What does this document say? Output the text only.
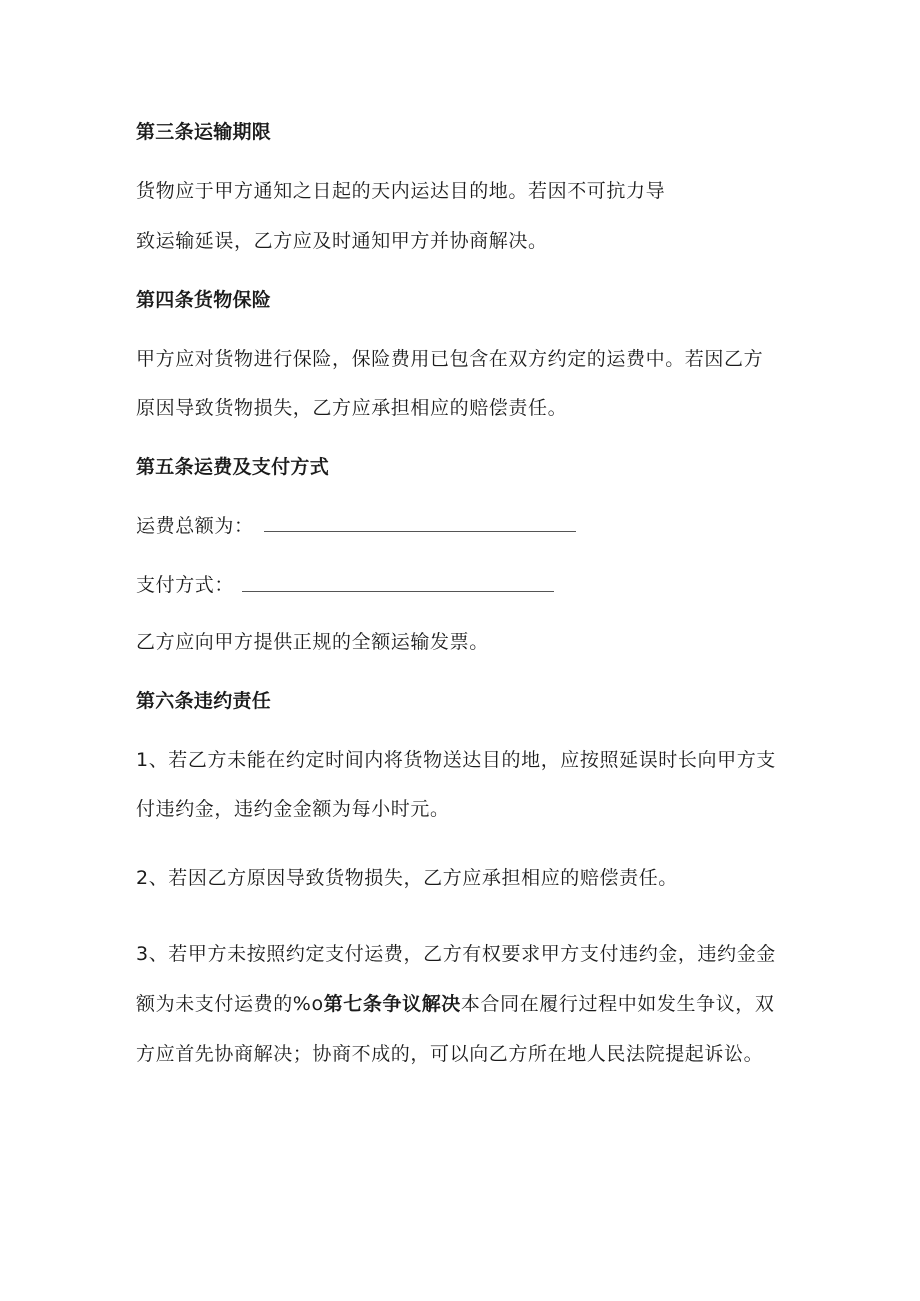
第三条运输期限
货物应于甲方通知之日起的天内运达目的地。若因不可抗力导
致运输延误，乙方应及时通知甲方并协商解决。
第四条货物保险
甲方应对货物进行保险，保险费用已包含在双方约定的运费中。若因乙方
原因导致货物损失，乙方应承担相应的赔偿责任。
第五条运费及支付方式
运费总额为：
支付方式：
乙方应向甲方提供正规的全额运输发票。
第六条违约责任
1、若乙方未能在约定时间内将货物送达目的地，应按照延误时长向甲方支
付违约金，违约金金额为每小时元。
2、若因乙方原因导致货物损失，乙方应承担相应的赔偿责任。
3、若甲方未按照约定支付运费，乙方有权要求甲方支付违约金，违约金金
额为未支付运费的%o第七条争议解决本合同在履行过程中如发生争议，双
方应首先协商解决；协商不成的，可以向乙方所在地人民法院提起诉讼。
